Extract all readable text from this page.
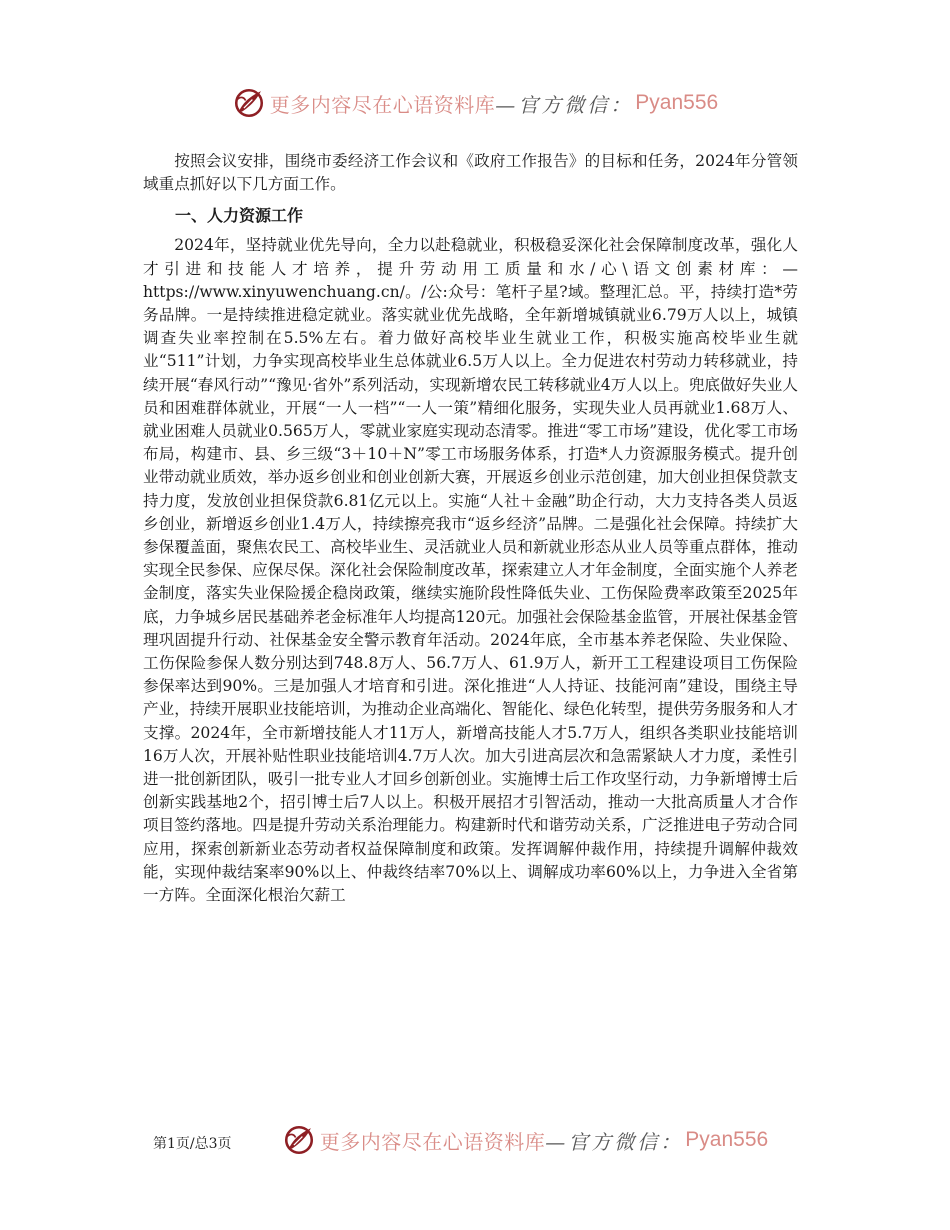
更多内容尽在心语资料库 —官方微信： Pyan556

按照会议安排，围绕市委经济工作会议和《政府工作报告》的目标和任务，2024年分管领域重点抓好以下几方面工作。

一、人力资源工作

2024年，坚持就业优先导向，全力以赴稳就业，积极稳妥深化社会保障制度改革，强化人才引进和技能人才培养，提升劳动用工质量和水/心\语文创素材库：—https://www.xinyuwenchuang.cn/。/公:众号：笔杆子星?域。整理汇总。平，持续打造*劳务品牌。一是持续推进稳定就业。落实就业优先战略，全年新增城镇就业6.79万人以上，城镇调查失业率控制在5.5%左右。着力做好高校毕业生就业工作，积极实施高校毕业生就业“511”计划，力争实现高校毕业生总体就业6.5万人以上。全力促进农村劳动力转移就业，持续开展“春风行动”“豫见·省外”系列活动，实现新增农民工转移就业4万人以上。兜底做好失业人员和困难群体就业，开展“一人一档”“一人一策”精细化服务，实现失业人员再就业1.68万人、就业困难人员就业0.565万人，零就业家庭实现动态清零。推进“零工市场”建设，优化零工市场布局，构建市、县、乡三级“3＋10＋N”零工市场服务体系，打造*人力资源服务模式。提升创业带动就业质效，举办返乡创业和创业创新大赛，开展返乡创业示范创建，加大创业担保贷款支持力度，发放创业担保贷款6.81亿元以上。实施“人社＋金融”助企行动，大力支持各类人员返乡创业，新增返乡创业1.4万人，持续擦亮我市“返乡经济”品牌。二是强化社会保障。持续扩大参保覆盖面，聚焦农民工、高校毕业生、灵活就业人员和新就业形态从业人员等重点群体，推动实现全民参保、应保尽保。深化社会保险制度改革，探索建立人才年金制度，全面实施个人养老金制度，落实失业保险援企稳岗政策，继续实施阶段性降低失业、工伤保险费率政策至2025年底，力争城乡居民基础养老金标准年人均提高120元。加强社会保险基金监管，开展社保基金管理巩固提升行动、社保基金安全警示教育年活动。2024年底，全市基本养老保险、失业保险、工伤保险参保人数分别达到748.8万人、56.7万人、61.9万人，新开工工程建设项目工伤保险参保率达到90%。三是加强人才培育和引进。深化推进“人人持证、技能河南”建设，围绕主导产业，持续开展职业技能培训，为推动企业高端化、智能化、绿色化转型，提供劳务服务和人才支撑。2024年，全市新增技能人才11万人，新增高技能人才5.7万人，组织各类职业技能培训16万人次，开展补贴性职业技能培训4.7万人次。加大引进高层次和急需紧缺人才力度，柔性引进一批创新团队，吸引一批专业人才回乡创新创业。实施博士后工作攻坚行动，力争新增博士后创新实践基地2个，招引博士后7人以上。积极开展招才引智活动，推动一大批高质量人才合作项目签约落地。四是提升劳动关系治理能力。构建新时代和谐劳动关系，广泛推进电子劳动合同应用，探索创新新业态劳动者权益保障制度和政策。发挥调解仲裁作用，持续提升调解仲裁效能，实现仲裁结案率90%以上、仲裁终结率70%以上、调解成功率60%以上，力争进入全省第一方阵。全面深化根治欠薪工

更多内容尽在心语资料库 —官方微信： Pyan556
第1页/总3页
